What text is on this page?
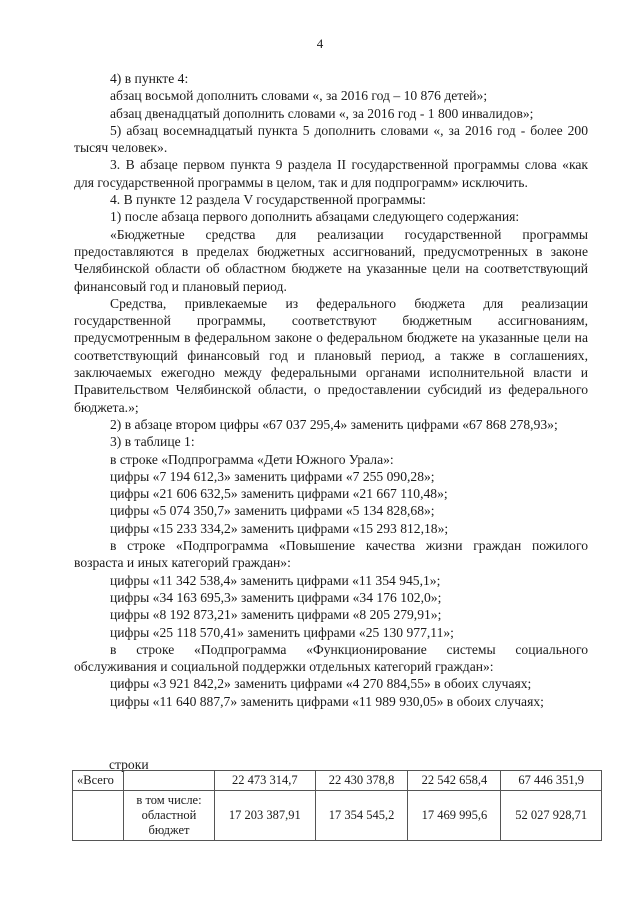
4

4) в пункте 4:

абзац восьмой дополнить словами «, за 2016 год – 10 876 детей»;

абзац двенадцатый дополнить словами «, за 2016 год - 1 800 инвалидов»;

5) абзац восемнадцатый пункта 5 дополнить словами «, за 2016 год - более 200 тысяч человек».

3. В абзаце первом пункта 9 раздела II государственной программы слова «как для государственной программы в целом, так и для подпрограмм» исключить.

4. В пункте 12 раздела V государственной программы:

1) после абзаца первого дополнить абзацами следующего содержания:

«Бюджетные средства для реализации государственной программы предоставляются в пределах бюджетных ассигнований, предусмотренных в законе Челябинской области об областном бюджете на указанные цели на соответствующий финансовый год и плановый период.

Средства, привлекаемые из федерального бюджета для реализации государственной программы, соответствуют бюджетным ассигнованиям, предусмотренным в федеральном законе о федеральном бюджете на указанные цели на соответствующий финансовый год и плановый период, а также в соглашениях, заключаемых ежегодно между федеральными органами исполнительной власти и Правительством Челябинской области, о предоставлении субсидий из федерального бюджета.»;

2) в абзаце втором цифры «67 037 295,4» заменить цифрами «67 868 278,93»;

3) в таблице 1:

в строке «Подпрограмма «Дети Южного Урала»:

цифры «7 194 612,3» заменить цифрами «7 255 090,28»;

цифры «21 606 632,5» заменить цифрами «21 667 110,48»;

цифры «5 074 350,7» заменить цифрами «5 134 828,68»;

цифры «15 233 334,2» заменить цифрами «15 293 812,18»;

в строке «Подпрограмма «Повышение качества жизни граждан пожилого возраста и иных категорий граждан»:

цифры «11 342 538,4» заменить цифрами «11 354 945,1»;

цифры «34 163 695,3» заменить цифрами «34 176 102,0»;

цифры «8 192 873,21» заменить цифрами «8 205 279,91»;

цифры «25 118 570,41» заменить цифрами «25 130 977,11»;

в строке «Подпрограмма «Функционирование системы социального обслуживания и социальной поддержки отдельных категорий граждан»:

цифры «3 921 842,2» заменить цифрами «4 270 884,55» в обоих случаях;

цифры «11 640 887,7» заменить цифрами «11 989 930,05» в обоих случаях;

строки
«Всего		22 473 314,7	22 430 378,8	22 542 658,4	67 446 351,9
	в том числе: областной бюджет	17 203 387,91	17 354 545,2	17 469 995,6	52 027 928,71
